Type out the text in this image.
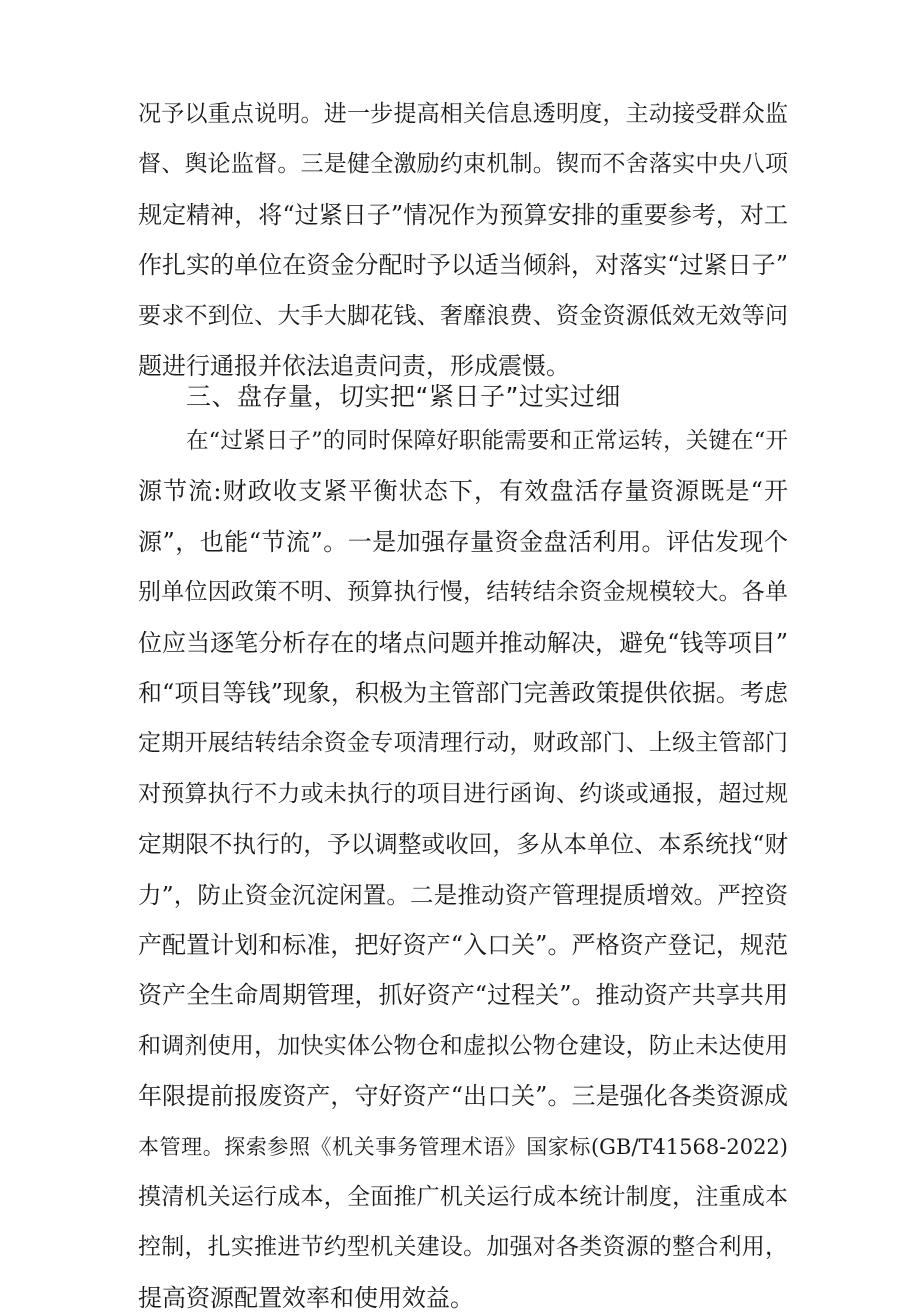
况予以重点说明。进一步提高相关信息透明度，主动接受群众监
督、舆论监督。三是健全激励约束机制。锲而不舍落实中央八项
规定精神，将“过紧日子”情况作为预算安排的重要参考，对工
作扎实的单位在资金分配时予以适当倾斜，对落实“过紧日子”
要求不到位、大手大脚花钱、奢靡浪费、资金资源低效无效等问
题进行通报并依法追责问责，形成震慑。
三、盘存量，切实把“紧日子”过实过细
在“过紧日子”的同时保障好职能需要和正常运转，关键在“开
源节流:财政收支紧平衡状态下，有效盘活存量资源既是“开
源”，也能“节流”。一是加强存量资金盘活利用。评估发现个
别单位因政策不明、预算执行慢，结转结余资金规模较大。各单
位应当逐笔分析存在的堵点问题并推动解决，避免“钱等项目”
和“项目等钱”现象，积极为主管部门完善政策提供依据。考虑
定期开展结转结余资金专项清理行动，财政部门、上级主管部门
对预算执行不力或未执行的项目进行函询、约谈或通报，超过规
定期限不执行的，予以调整或收回，多从本单位、本系统找“财
力”，防止资金沉淀闲置。二是推动资产管理提质增效。严控资
产配置计划和标准，把好资产“入口关”。严格资产登记，规范
资产全生命周期管理，抓好资产“过程关”。推动资产共享共用
和调剂使用，加快实体公物仓和虚拟公物仓建设，防止未达使用
年限提前报废资产，守好资产“出口关”。三是强化各类资源成
本管理。探索参照《机关事务管理术语》国家标(GB/T41568-2022)
摸清机关运行成本，全面推广机关运行成本统计制度，注重成本
控制，扎实推进节约型机关建设。加强对各类资源的整合利用，
提高资源配置效率和使用效益。
